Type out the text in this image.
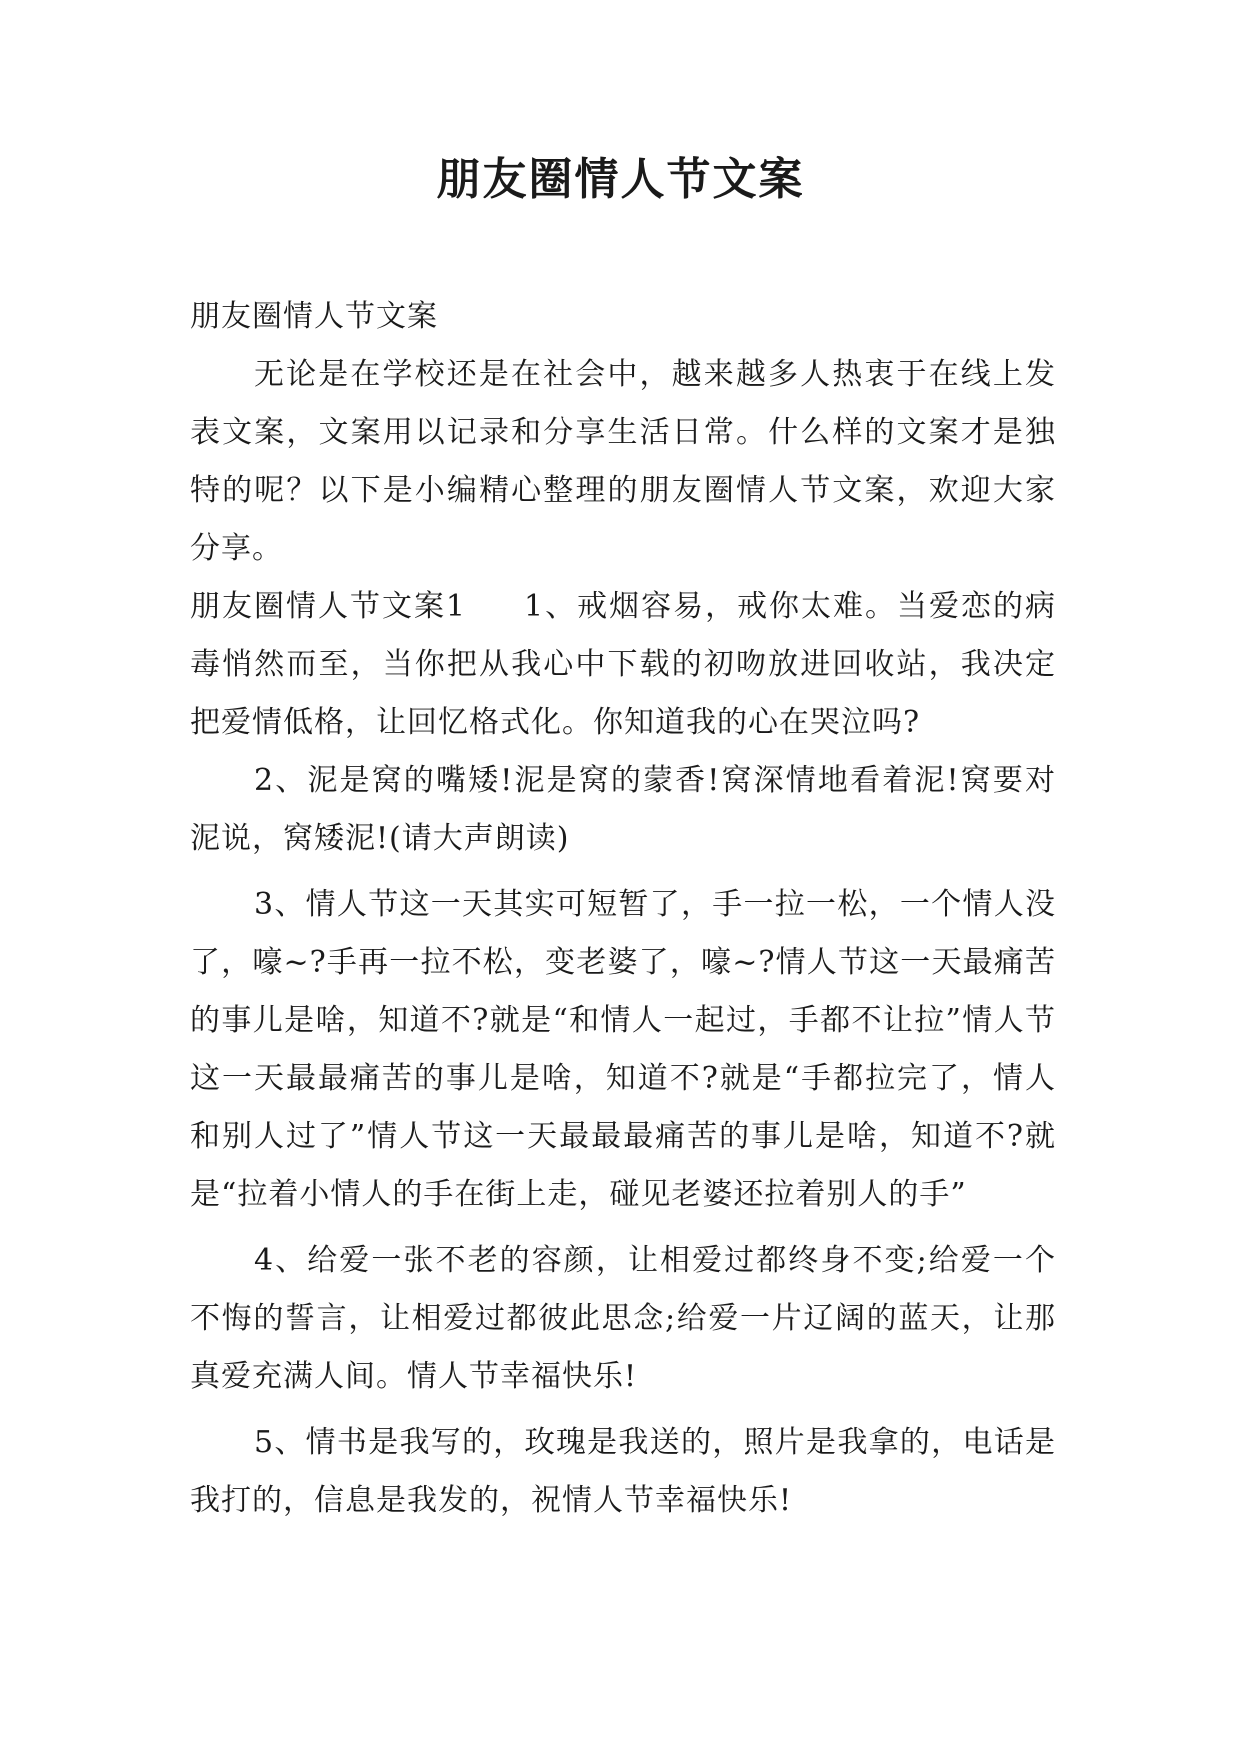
朋友圈情人节文案

朋友圈情人节文案

无论是在学校还是在社会中，越来越多人热衷于在线上发表文案，文案用以记录和分享生活日常。什么样的文案才是独特的呢？以下是小编精心整理的朋友圈情人节文案，欢迎大家分享。

朋友圈情人节文案1 1、戒烟容易，戒你太难。当爱恋的病毒悄然而至，当你把从我心中下载的初吻放进回收站，我决定把爱情低格，让回忆格式化。你知道我的心在哭泣吗?

2、泥是窝的嘴矮!泥是窝的蒙香!窝深情地看着泥!窝要对泥说，窝矮泥!(请大声朗读)

3、情人节这一天其实可短暂了，手一拉一松，一个情人没了，嚎~?手再一拉不松，变老婆了，嚎~?情人节这一天最痛苦的事儿是啥，知道不?就是“和情人一起过，手都不让拉”情人节这一天最最痛苦的事儿是啥，知道不?就是“手都拉完了，情人和别人过了”情人节这一天最最最痛苦的事儿是啥，知道不?就是“拉着小情人的手在街上走，碰见老婆还拉着别人的手”

4、给爱一张不老的容颜，让相爱过都终身不变;给爱一个不悔的誓言，让相爱过都彼此思念;给爱一片辽阔的蓝天，让那真爱充满人间。情人节幸福快乐!

5、情书是我写的，玫瑰是我送的，照片是我拿的，电话是我打的，信息是我发的，祝情人节幸福快乐!
